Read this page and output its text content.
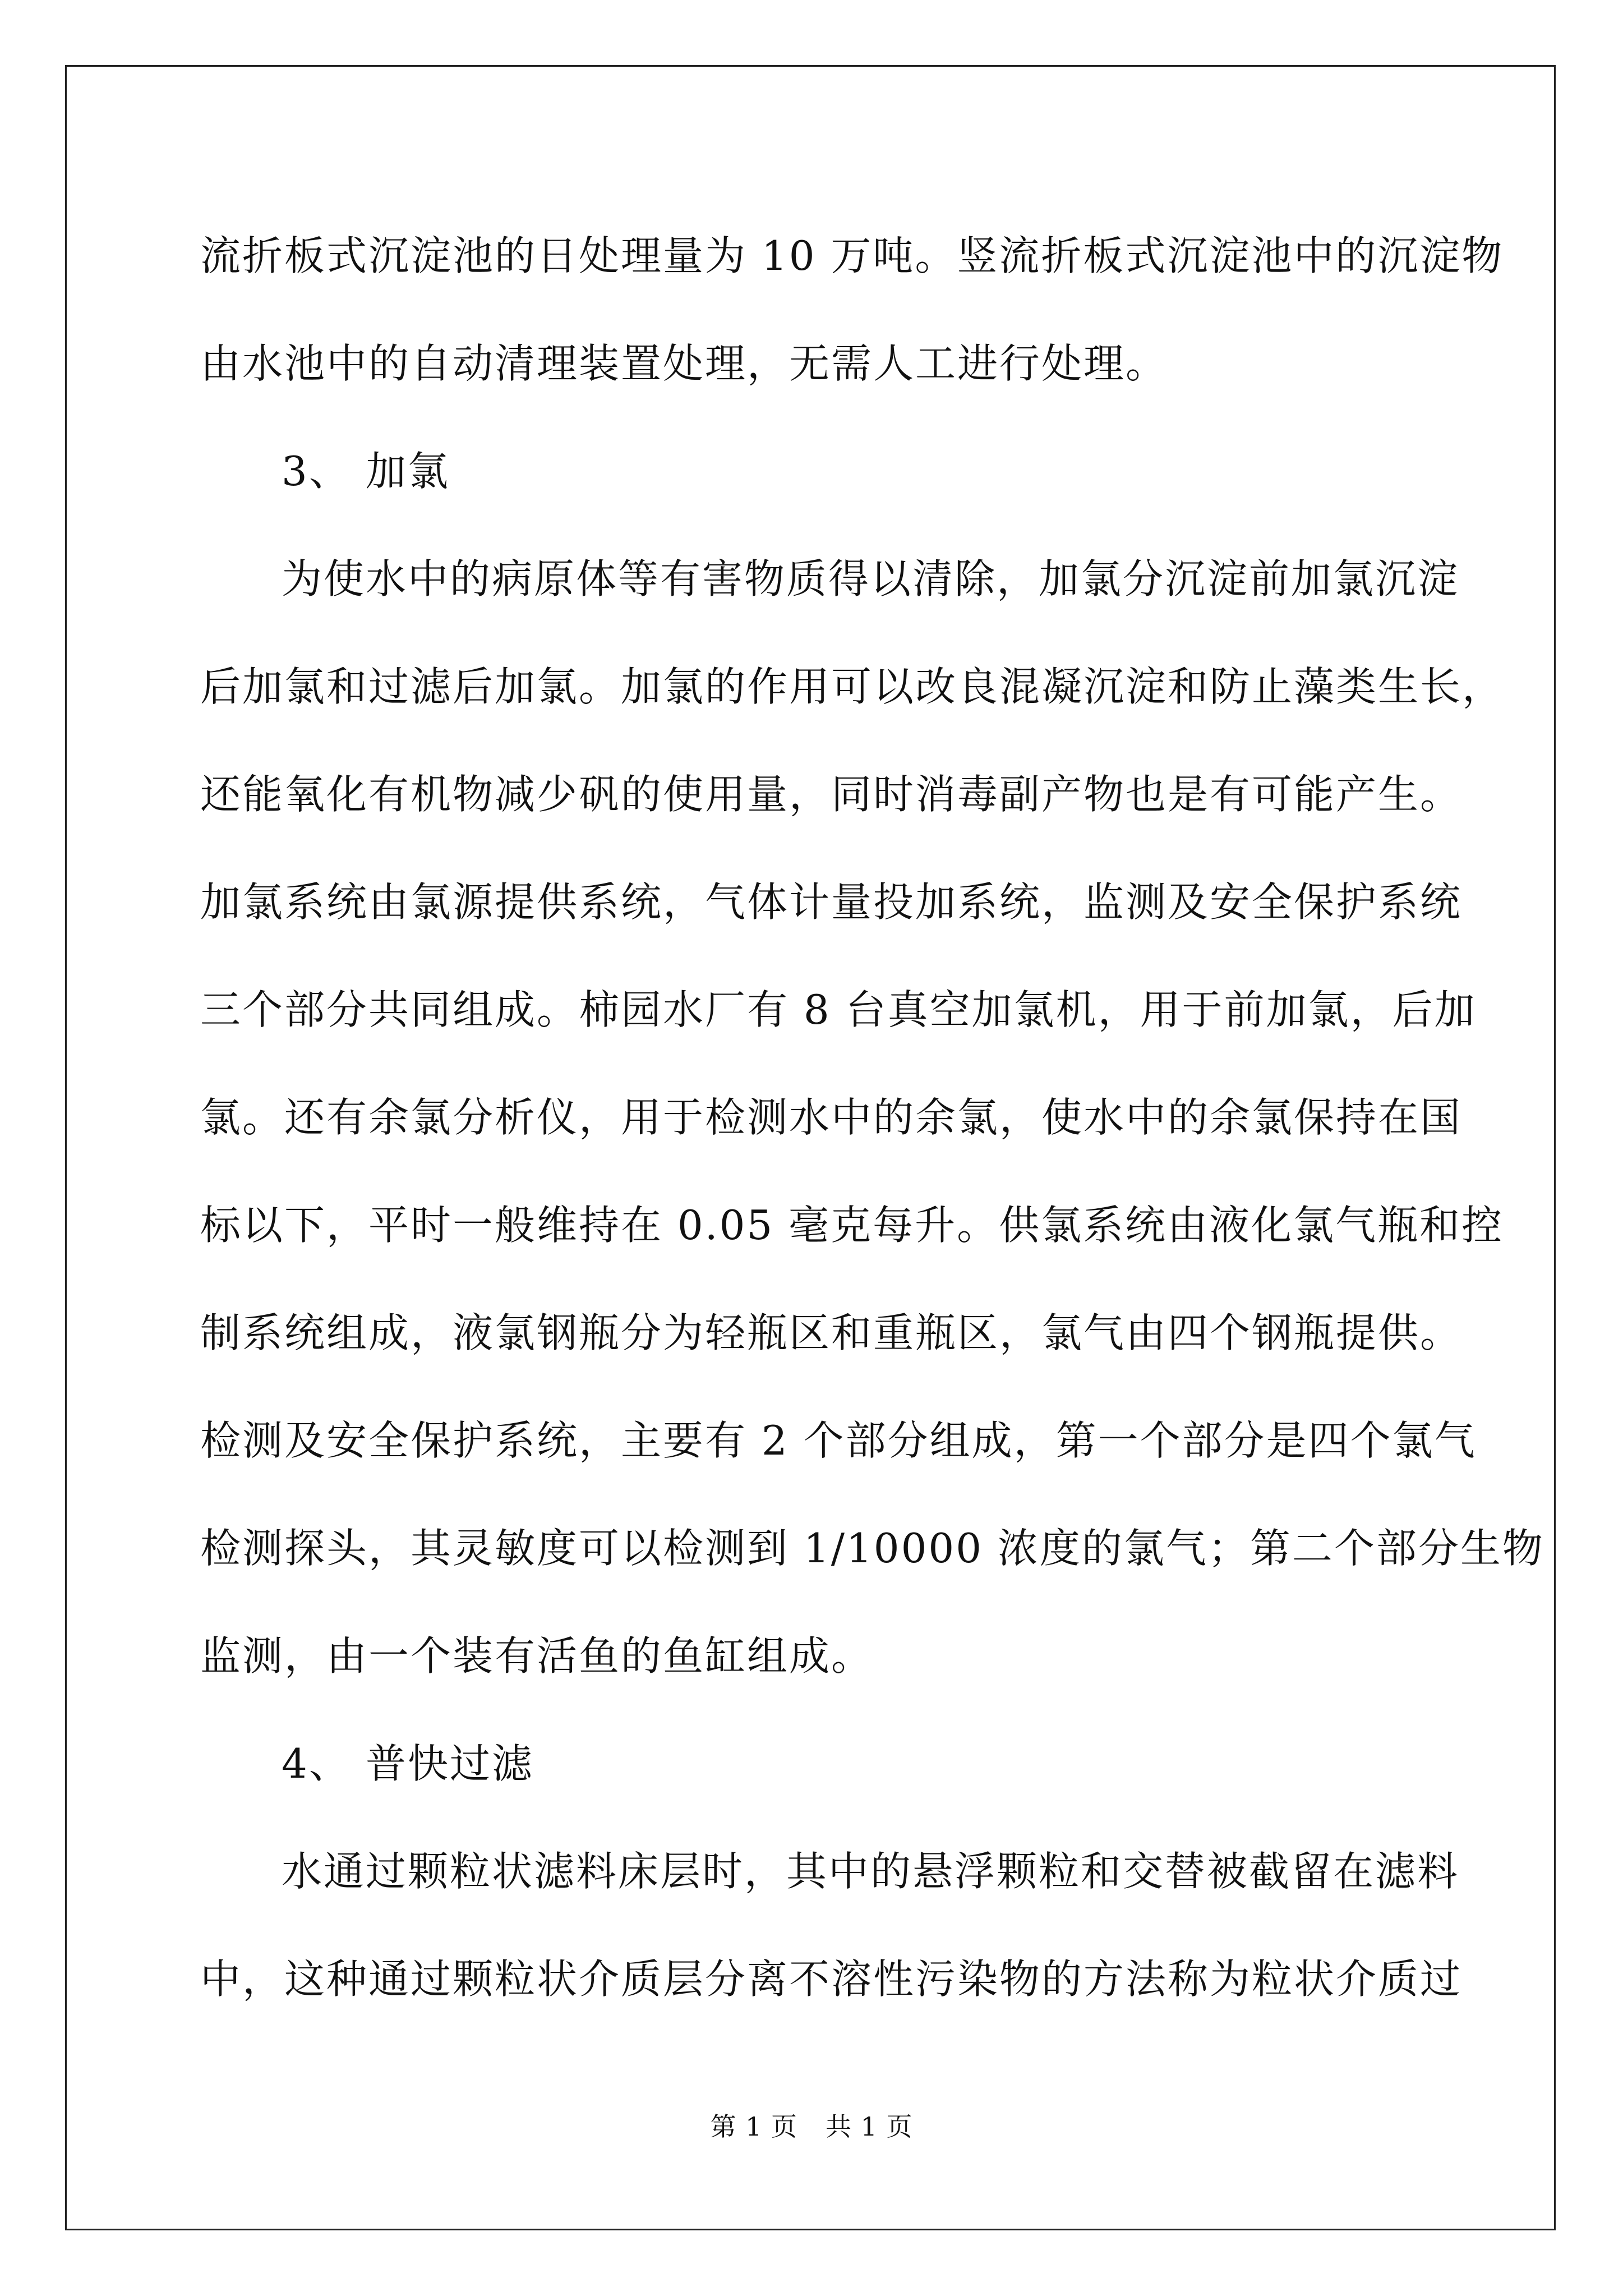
流折板式沉淀池的日处理量为 10 万吨。竖流折板式沉淀池中的沉淀物
由水池中的自动清理装置处理，无需人工进行处理。
3、 加氯
为使水中的病原体等有害物质得以清除，加氯分沉淀前加氯沉淀
后加氯和过滤后加氯。加氯的作用可以改良混凝沉淀和防止藻类生长，
还能氧化有机物减少矾的使用量，同时消毒副产物也是有可能产生。
加氯系统由氯源提供系统，气体计量投加系统，监测及安全保护系统
三个部分共同组成。柿园水厂有 8 台真空加氯机，用于前加氯，后加
氯。还有余氯分析仪，用于检测水中的余氯，使水中的余氯保持在国
标以下，平时一般维持在 0.05 毫克每升。供氯系统由液化氯气瓶和控
制系统组成，液氯钢瓶分为轻瓶区和重瓶区，氯气由四个钢瓶提供。
检测及安全保护系统，主要有 2 个部分组成，第一个部分是四个氯气
检测探头，其灵敏度可以检测到 1/10000 浓度的氯气；第二个部分生物
监测，由一个装有活鱼的鱼缸组成。
4、 普快过滤
水通过颗粒状滤料床层时，其中的悬浮颗粒和交替被截留在滤料
中，这种通过颗粒状介质层分离不溶性污染物的方法称为粒状介质过
第 1 页 共 1 页
